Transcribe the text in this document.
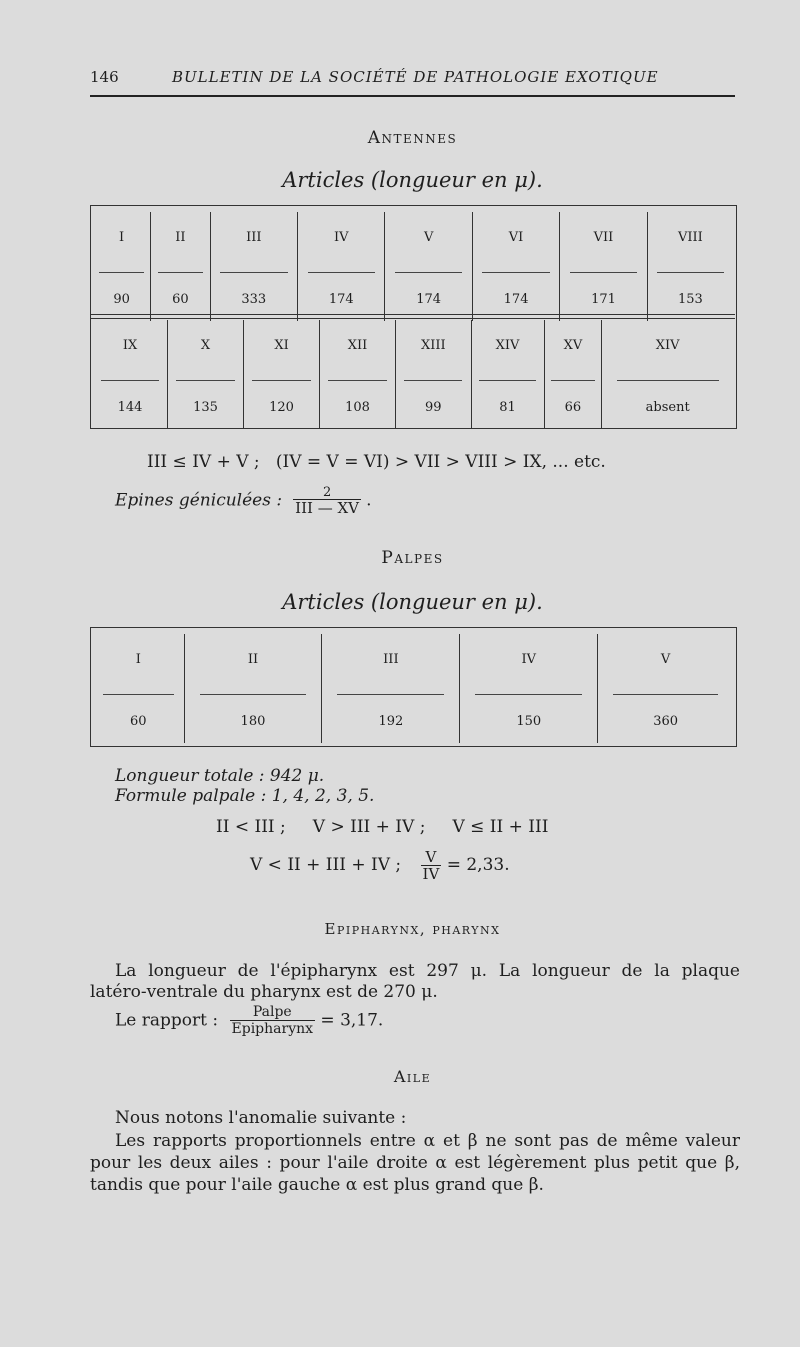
146	BULLETIN DE LA SOCIÉTÉ DE PATHOLOGIE EXOTIQUE
Antennes
Articles (longueur en μ).
I	II	III	IV	V	VI	VII	VIII

90	60	333	174	174	174	171	153
IX	X	XI	XII	XIII	XIV	XV	XIV

144	135	120	108	99	81	66	absent
III ≤ IV + V ;   (IV = V = VI) > VII > VIII > IX, ... etc.
Epines géniculées : $\frac{2}{\text{III — XV}}$ .
Palpes
Articles (longueur en μ).
I	II	III	IV	V

60	180	192	150	360
Longueur totale : 942 μ.
Formule palpale : 1, 4, 2, 3, 5.
II < III ;     V > III + IV ;     V ≤ II + III
V < II + III + IV ; $\frac{V}{IV} = 2,33$.
Epipharynx, pharynx
La longueur de l'épipharynx est 297 μ. La longueur de la plaque
latéro-ventrale du pharynx est de 270 μ.
Le rapport : $\frac{\text{Palpe}}{\text{Epipharynx}} = 3,17$.
Aile
Nous notons l'anomalie suivante :
Les rapports proportionnels entre α et β ne sont pas de même valeur
pour les deux ailes : pour l'aile droite α est légèrement plus petit que β,
tandis que pour l'aile gauche α est plus grand que β.
